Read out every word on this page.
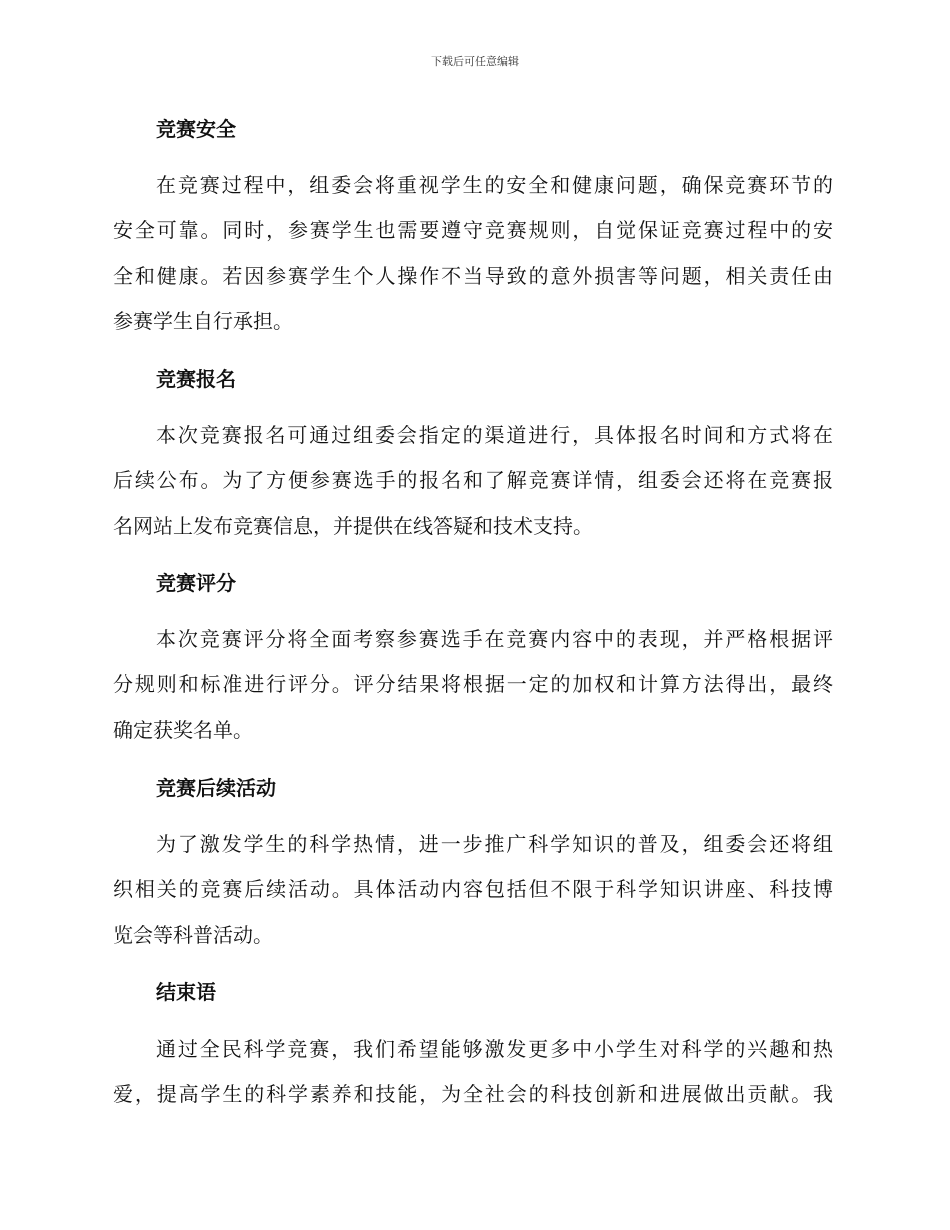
下载后可任意编辑
竞赛安全
在竞赛过程中，组委会将重视学生的安全和健康问题，确保竞赛环节的
安全可靠。同时，参赛学生也需要遵守竞赛规则，自觉保证竞赛过程中的安
全和健康。若因参赛学生个人操作不当导致的意外损害等问题，相关责任由
参赛学生自行承担。
竞赛报名
本次竞赛报名可通过组委会指定的渠道进行，具体报名时间和方式将在
后续公布。为了方便参赛选手的报名和了解竞赛详情，组委会还将在竞赛报
名网站上发布竞赛信息，并提供在线答疑和技术支持。
竞赛评分
本次竞赛评分将全面考察参赛选手在竞赛内容中的表现，并严格根据评
分规则和标准进行评分。评分结果将根据一定的加权和计算方法得出，最终
确定获奖名单。
竞赛后续活动
为了激发学生的科学热情，进一步推广科学知识的普及，组委会还将组
织相关的竞赛后续活动。具体活动内容包括但不限于科学知识讲座、科技博
览会等科普活动。
结束语
通过全民科学竞赛，我们希望能够激发更多中小学生对科学的兴趣和热
爱，提高学生的科学素养和技能，为全社会的科技创新和进展做出贡献。我
